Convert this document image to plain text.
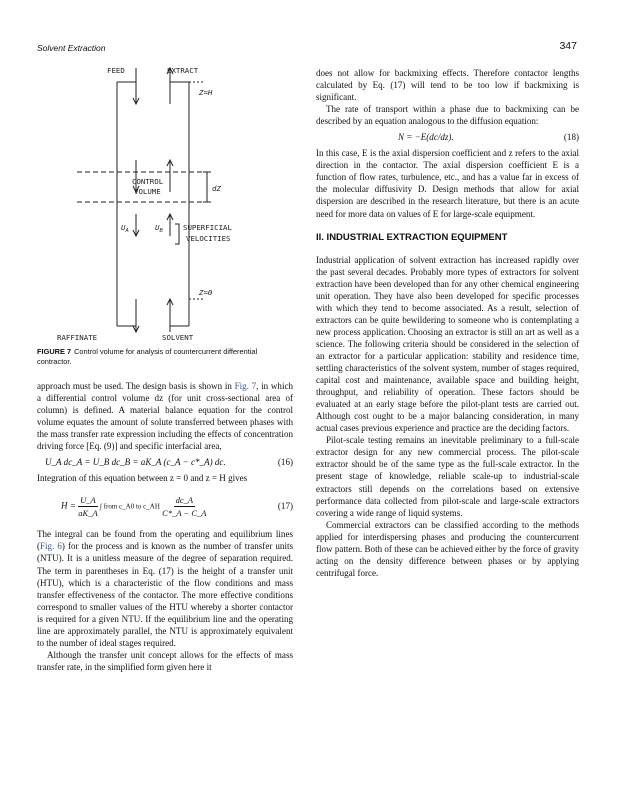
Solvent Extraction	347
FEED	EXTRACT
Z=H
CONTROL
VOLUME	dZ
$U_A$	$U_B$	SUPERFICIAL
VELOCITIES
Z=0
RAFFINATE	SOLVENT
FIGURE 7 Control volume for analysis of countercurrent differential contractor.

approach must be used. The design basis is shown in Fig. 7, in which a differential control volume dz (for unit cross-sectional area of column) is defined. A material balance equation for the control volume equates the amount of solute transferred between phases with the mass transfer rate expression including the effects of concentration driving force [Eq. (9)] and specific interfacial area,

U_A dc_A = U_B dc_B = aK_A (c_A − c*_A) dc.	(16)

Integration of this equation between z = 0 and z = H gives

$H = \frac{U\_A}{aK\_A}$ ∫ from c_A0 to c_AH $\frac{dc\_A}{C*\_A - C\_A}$	(17)

The integral can be found from the operating and equilibrium lines (Fig. 6) for the process and is known as the number of transfer units (NTU). It is a unitless measure of the degree of separation required. The term in parentheses in Eq. (17) is the height of a transfer unit (HTU), which is a characteristic of the flow conditions and mass transfer effectiveness of the contactor. The more effective conditions correspond to smaller values of the HTU whereby a shorter contactor is required for a given NTU. If the equilibrium line and the operating line are approximately parallel, the NTU is approximately equivalent to the number of ideal stages required.

Although the transfer unit concept allows for the effects of mass transfer rate, in the simplified form given here it

does not allow for backmixing effects. Therefore contactor lengths calculated by Eq. (17) will tend to be too low if backmixing is significant.

The rate of transport within a phase due to backmixing can be described by an equation analogous to the diffusion equation:

N = −E(dc/dz).	(18)

In this case, E is the axial dispersion coefficient and z refers to the axial direction in the contactor. The axial dispersion coefficient E is a function of flow rates, turbulence, etc., and has a value far in excess of the molecular diffusivity D. Design methods that allow for axial dispersion are described in the research literature, but there is an acute need for more data on values of E for large-scale equipment.

II. INDUSTRIAL EXTRACTION EQUIPMENT

Industrial application of solvent extraction has increased rapidly over the past several decades. Probably more types of extractors for solvent extraction have been developed than for any other chemical engineering unit operation. They have also been developed for specific processes with which they tend to become associated. As a result, selection of extractors can be quite bewildering to someone who is contemplating a new process application. Choosing an extractor is still an art as well as a science. The following criteria should be considered in the selection of an extractor for a particular application: stability and residence time, settling characteristics of the solvent system, number of stages required, capital cost and maintenance, available space and building height, throughput, and reliability of operation. These factors should be evaluated at an early stage before the pilot-plant tests are carried out. Although cost ought to be a major balancing consideration, in many actual cases previous experience and practice are the deciding factors.

Pilot-scale testing remains an inevitable preliminary to a full-scale extractor design for any new commercial process. The pilot-scale extractor should be of the same type as the full-scale extractor. In the present stage of knowledge, reliable scale-up to industrial-scale extractors still depends on the correlations based on extensive performance data collected from pilot-scale and large-scale extractors covering a wide range of liquid systems.

Commercial extractors can be classified according to the methods applied for interdispersing phases and producing the countercurrent flow pattern. Both of these can be achieved either by the force of gravity acting on the density difference between phases or by applying centrifugal force.
